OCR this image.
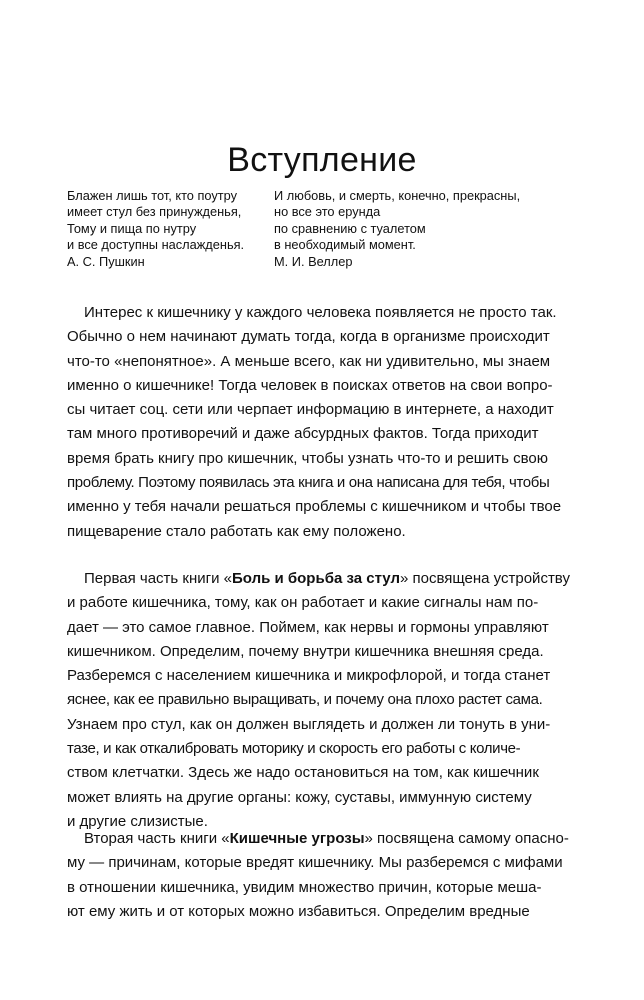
Вступление
Блажен лишь тот, кто поутру
имеет стул без принужденья,
Тому и пища по нутру
и все доступны наслажденья.
А. С. Пушкин
И любовь, и смерть, конечно, прекрасны,
но все это ерунда
по сравнению с туалетом
в необходимый момент.
М. И. Веллер
Интерес к кишечнику у каждого человека появляется не просто так.
Обычно о нем начинают думать тогда, когда в организме происходит
что-то «непонятное». А меньше всего, как ни удивительно, мы знаем
именно о кишечнике! Тогда человек в поисках ответов на свои вопро-
сы читает соц. сети или черпает информацию в интернете, а находит
там много противоречий и даже абсурдных фактов. Тогда приходит
время брать книгу про кишечник, чтобы узнать что-то и решить свою
проблему. Поэтому появилась эта книга и она написана для тебя, чтобы
именно у тебя начали решаться проблемы с кишечником и чтобы твое
пищеварение стало работать как ему положено.
Первая часть книги «Боль и борьба за стул» посвящена устройству
и работе кишечника, тому, как он работает и какие сигналы нам по-
дает — это самое главное. Поймем, как нервы и гормоны управляют
кишечником. Определим, почему внутри кишечника внешняя среда.
Разберемся с населением кишечника и микрофлорой, и тогда станет
яснее, как ее правильно выращивать, и почему она плохо растет сама.
Узнаем про стул, как он должен выглядеть и должен ли тонуть в уни-
тазе, и как откалибровать моторику и скорость его работы с количе-
ством клетчатки. Здесь же надо остановиться на том, как кишечник
может влиять на другие органы: кожу, суставы, иммунную систему
и другие слизистые.
Вторая часть книги «Кишечные угрозы» посвящена самому опасно-
му — причинам, которые вредят кишечнику. Мы разберемся с мифами
в отношении кишечника, увидим множество причин, которые меша-
ют ему жить и от которых можно избавиться. Определим вредные
